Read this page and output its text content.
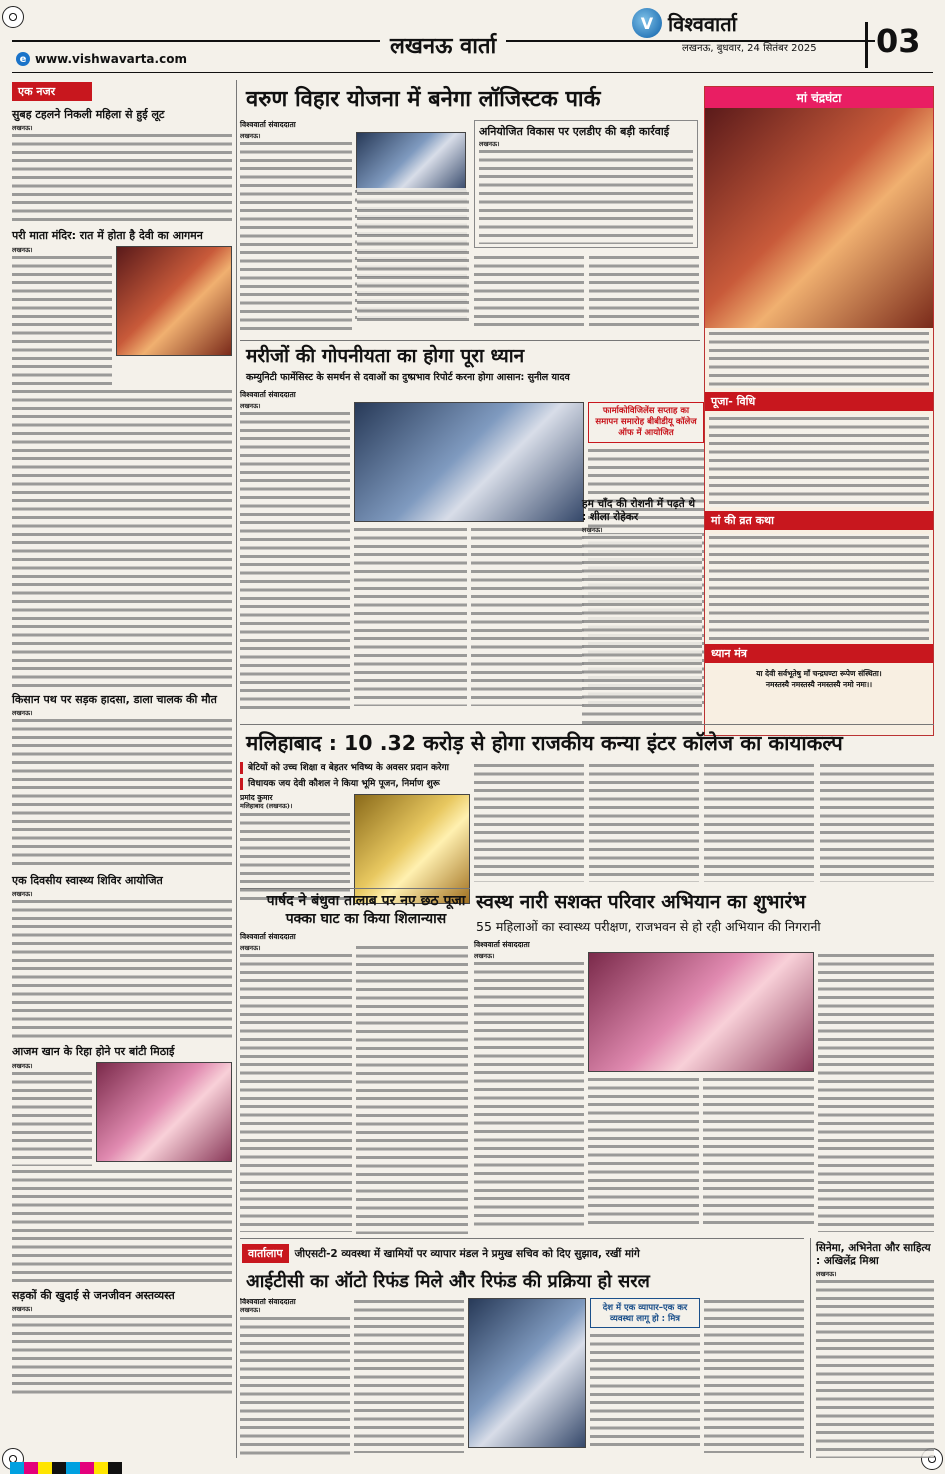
लखनऊ वार्ता
V विश्ववार्ता
लखनऊ, बुधवार, 24 सितंबर 2025	03
e www.vishwavarta.com
एक नजर
सुबह टहलने निकली महिला से हुई लूट
लखनऊ।
परी माता मंदिर: रात में होता है देवी का आगमन
लखनऊ।
किसान पथ पर सड़क हादसा, डाला चालक की मौत
लखनऊ।
एक दिवसीय स्वास्थ्य शिविर आयोजित
लखनऊ।
आजम खान के रिहा होने पर बांटी मिठाई
लखनऊ।
सड़कों की खुदाई से जनजीवन अस्तव्यस्त
लखनऊ।
वरुण विहार योजना में बनेगा लॉजिस्टक पार्क
विश्ववार्ता संवाददाता
लखनऊ।	अनियोजित विकास पर एलडीए की बड़ी कार्रवाई
लखनऊ।
मां चंद्रघंटा
पूजा- विधि
मां की व्रत कथा
ध्यान मंत्र
या देवी सर्वभूतेषु माँ चन्द्रघण्टा रूपेण संस्थिता।
नमस्तस्यै नमस्तस्यै नमस्तस्यै नमो नमः।।
मरीजों की गोपनीयता का होगा पूरा ध्यान
कम्युनिटी फार्मेसिस्ट के समर्थन से दवाओं का दुष्प्रभाव रिपोर्ट करना होगा आसान: सुनील यादव
विश्ववार्ता संवाददाता
लखनऊ।	फार्माकोविजिलेंस सप्ताह का समापन समारोह बीबीडीयू कॉलेज ऑफ में आयोजित
हम चाँद की रोशनी में पढ़ते थे : शीला रोहेकर
लखनऊ।
मलिहाबाद : 10 .32 करोड़ से होगा राजकीय कन्या इंटर कॉलेज का कायाकल्प
बेटियों को उच्च शिक्षा व बेहतर भविष्य के अवसर प्रदान करेगा
विधायक जय देवी कौशल ने किया भूमि पूजन, निर्माण शुरू
प्रमोद कुमार
मलिहाबाद (लखनऊ)।
पार्षद ने बंधुवा तालाब पर नए छठ पूजा
पक्का घाट का किया शिलान्यास
विश्ववार्ता संवाददाता
लखनऊ।
स्वस्थ नारी सशक्त परिवार अभियान का शुभारंभ
55 महिलाओं का स्वास्थ्य परीक्षण, राजभवन से हो रही अभियान की निगरानी
विश्ववार्ता संवाददाता
लखनऊ।
वार्तालाप	जीएसटी-2 व्यवस्था में खामियों पर व्यापार मंडल ने प्रमुख सचिव को दिए सुझाव, रखीं मांगे
आईटीसी का ऑटो रिफंड मिले और रिफंड की प्रक्रिया हो सरल
विश्ववार्ता संवाददाता
लखनऊ।	देश में एक व्यापार–एक कर व्यवस्था लागू हो : मित्र
सिनेमा, अभिनेता और साहित्य : अखिलेंद्र मिश्रा
लखनऊ।
